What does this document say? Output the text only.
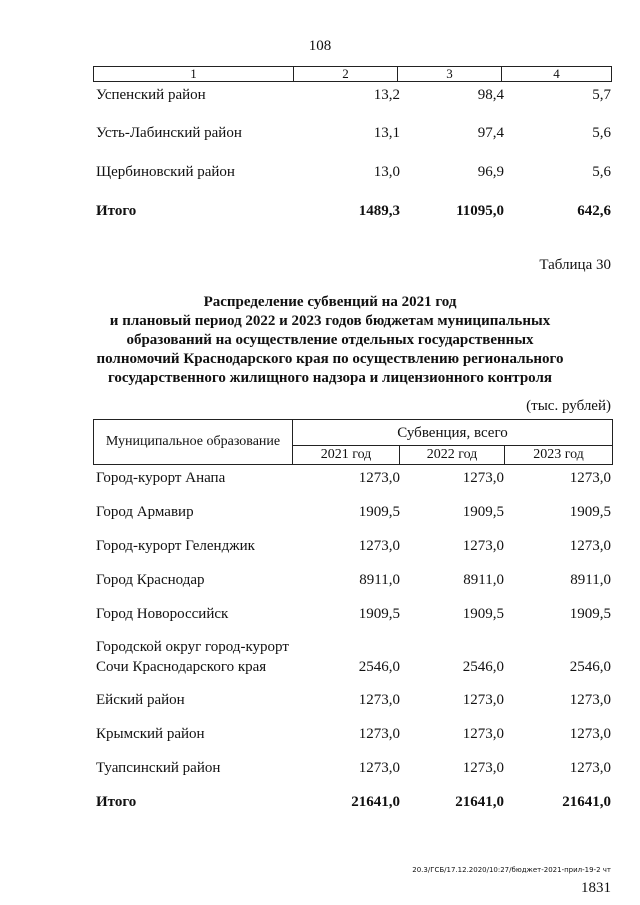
108
1	2	3	4
Успенский район	13,2	98,4	5,7
Усть-Лабинский район	13,1	97,4	5,6
Щербиновский район	13,0	96,9	5,6
Итого	1489,3	11095,0	642,6
Таблица 30
Распределение субвенций на 2021 год
и плановый период 2022 и 2023 годов бюджетам муниципальных
образований на осуществление отдельных государственных
полномочий Краснодарского края по осуществлению регионального
государственного жилищного надзора и лицензионного контроля
(тыс. рублей)
Муниципальное образование
Субвенция, всего
2021 год	2022 год	2023 год
Город-курорт Анапа	1273,0	1273,0	1273,0
Город Армавир	1909,5	1909,5	1909,5
Город-курорт Геленджик	1273,0	1273,0	1273,0
Город Краснодар	8911,0	8911,0	8911,0
Город Новороссийск	1909,5	1909,5	1909,5
Городской округ город-курорт
Сочи Краснодарского края	2546,0	2546,0	2546,0
Ейский район	1273,0	1273,0	1273,0
Крымский район	1273,0	1273,0	1273,0
Туапсинский район	1273,0	1273,0	1273,0
Итого	21641,0	21641,0	21641,0
20.3/ГСБ/17.12.2020/10:27/бюджет-2021-прил-19-2 чт
1831
